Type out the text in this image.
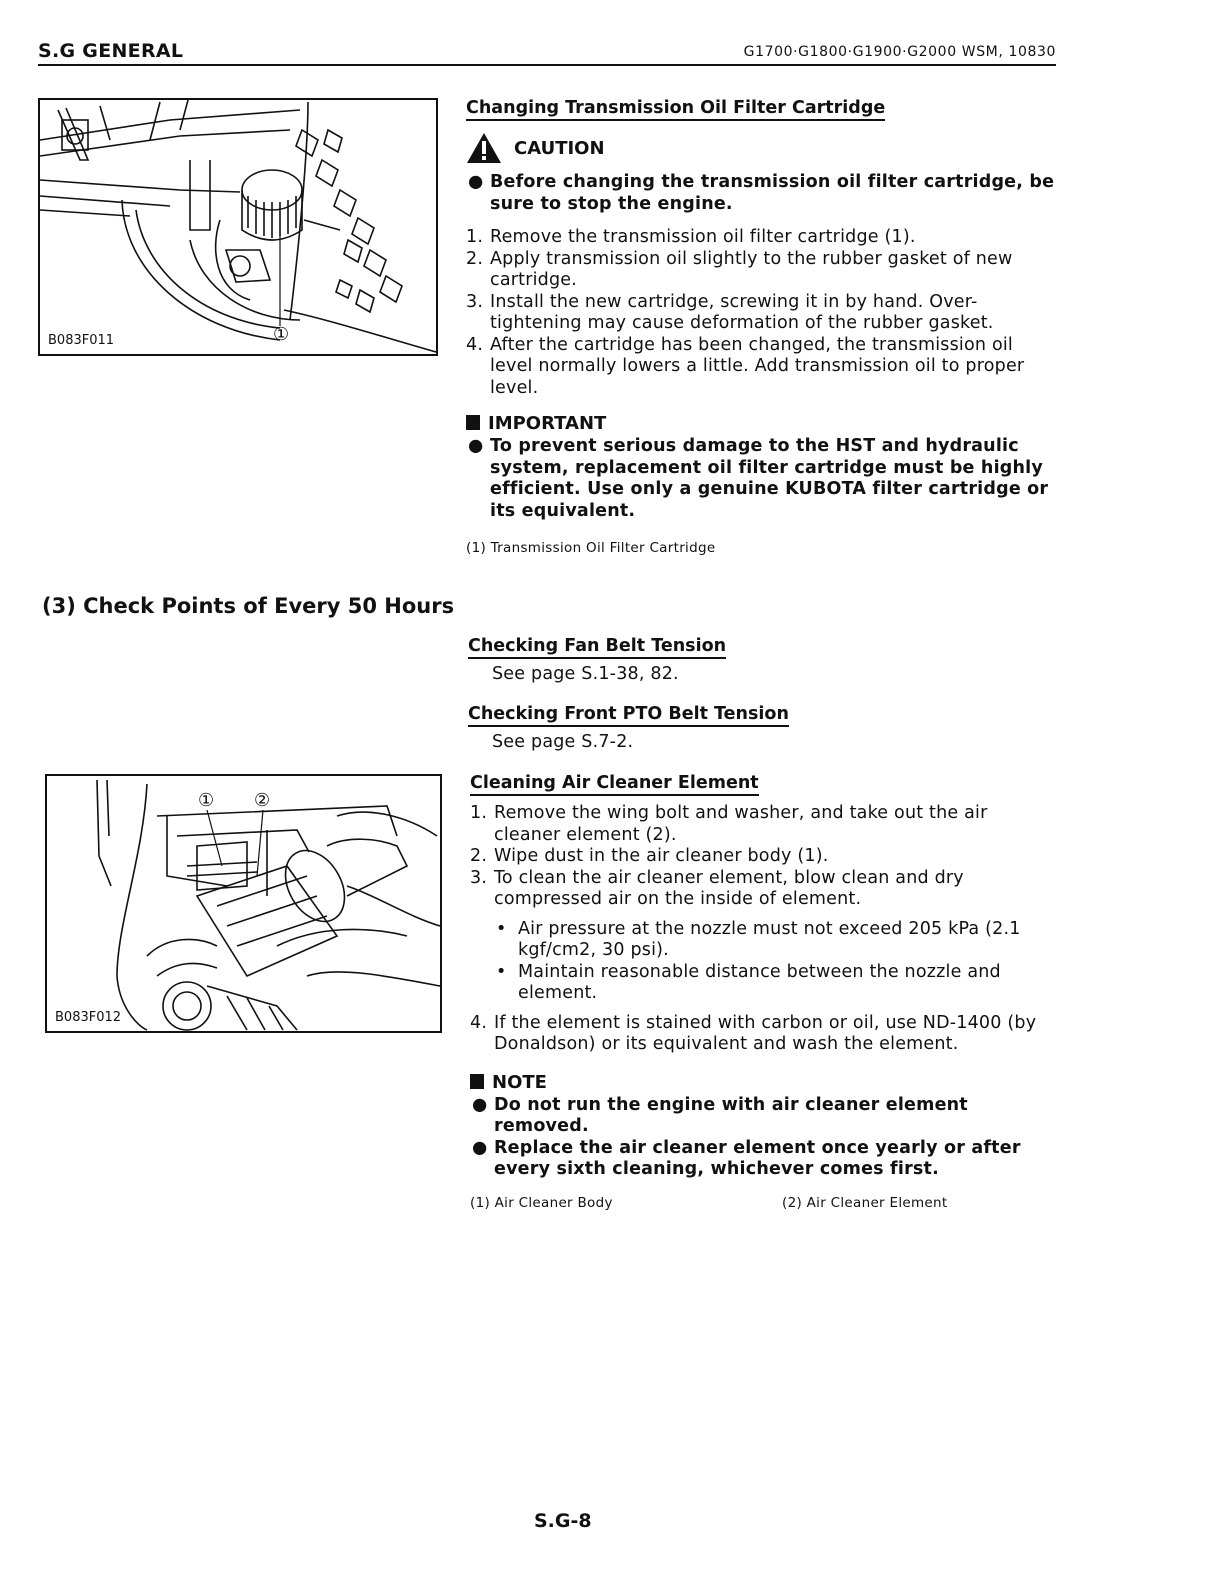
S.G GENERAL	G1700·G1800·G1900·G2000 WSM, 10830
①
B083F011
① ②
B083F012
(3) Check Points of Every 50 Hours
Changing Transmission Oil Filter Cartridge
CAUTION
● Before changing the transmission oil filter cartridge, be sure to stop the engine.
1. Remove the transmission oil filter cartridge (1).
2. Apply transmission oil slightly to the rubber gasket of new cartridge.
3. Install the new cartridge, screwing it in by hand. Over-tightening may cause deformation of the rubber gasket.
4. After the cartridge has been changed, the transmission oil level normally lowers a little. Add transmission oil to proper level.
IMPORTANT
● To prevent serious damage to the HST and hydraulic system, replacement oil filter cartridge must be highly efficient. Use only a genuine KUBOTA filter cartridge or its equivalent.
(1) Transmission Oil Filter Cartridge
Checking Fan Belt Tension
See page S.1-38, 82.
Checking Front PTO Belt Tension
See page S.7-2.
Cleaning Air Cleaner Element
1. Remove the wing bolt and washer, and take out the air cleaner element (2).
2. Wipe dust in the air cleaner body (1).
3. To clean the air cleaner element, blow clean and dry compressed air on the inside of element.
• Air pressure at the nozzle must not exceed 205 kPa (2.1 kgf/cm2, 30 psi).
• Maintain reasonable distance between the nozzle and element.
4. If the element is stained with carbon or oil, use ND-1400 (by Donaldson) or its equivalent and wash the element.
NOTE
● Do not run the engine with air cleaner element removed.
● Replace the air cleaner element once yearly or after every sixth cleaning, whichever comes first.
(1) Air Cleaner Body	(2) Air Cleaner Element
S.G-8
